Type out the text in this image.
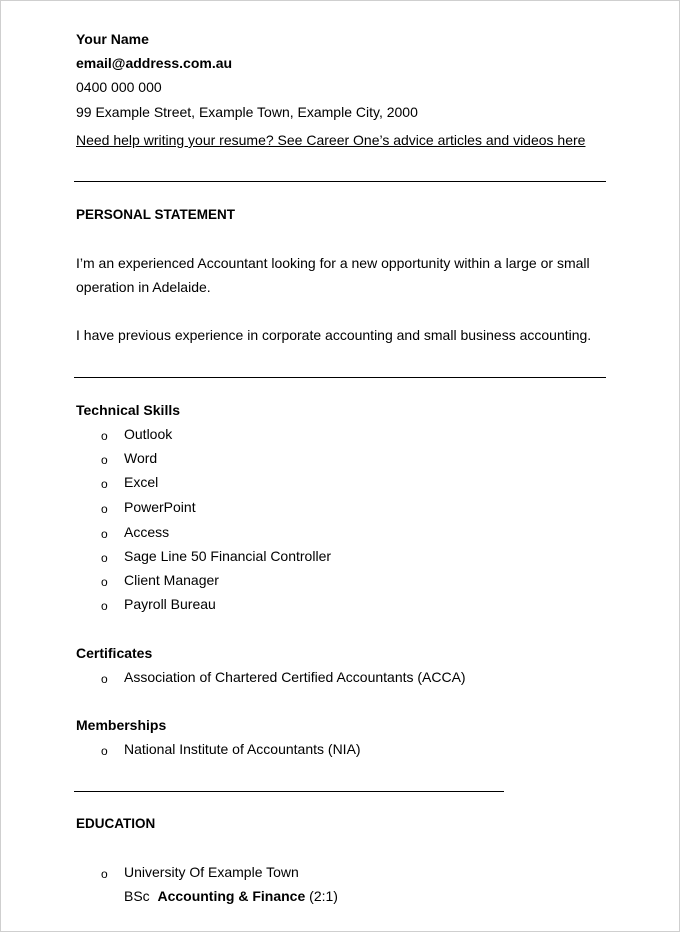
Your Name
email@address.com.au
0400 000 000
99 Example Street, Example Town, Example City, 2000
Need help writing your resume? See Career One’s advice articles and videos here
PERSONAL STATEMENT
I’m an experienced Accountant looking for a new opportunity within a large or small
operation in Adelaide.
I have previous experience in corporate accounting and small business accounting.
Technical Skills
o Outlook
o Word
o Excel
o PowerPoint
o Access
o Sage Line 50 Financial Controller
o Client Manager
o Payroll Bureau
Certificates
o Association of Chartered Certified Accountants (ACCA)
Memberships
o National Institute of Accountants (NIA)
EDUCATION
o University Of Example Town
BSc Accounting & Finance (2:1)
